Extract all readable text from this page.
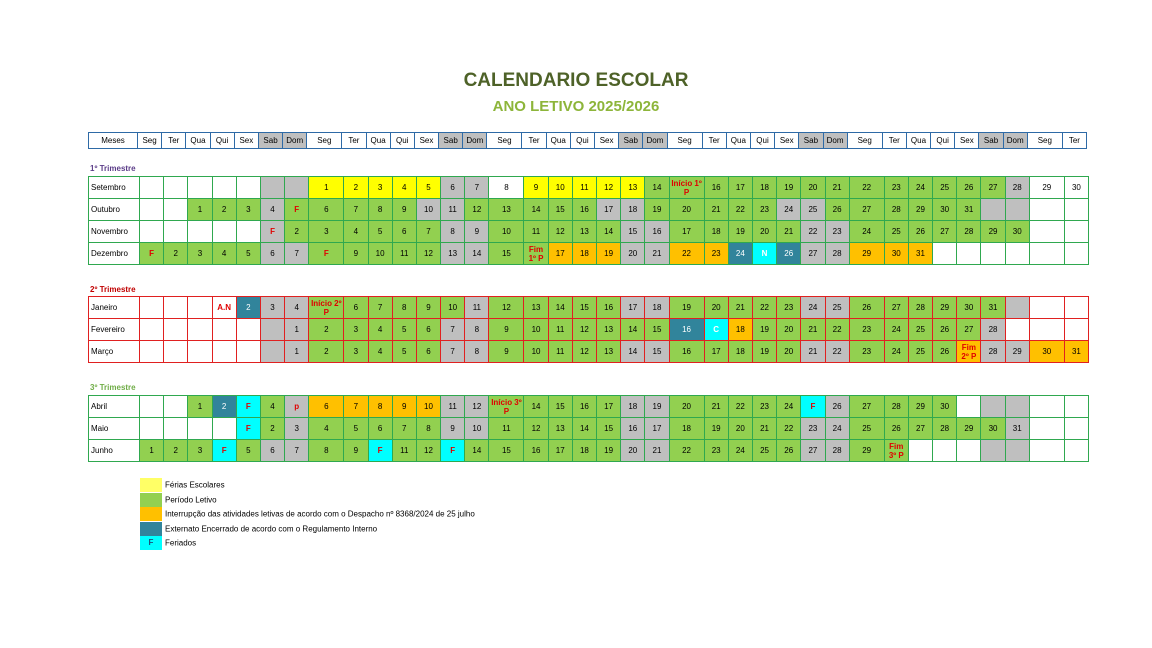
CALENDARIO ESCOLAR
ANO LETIVO 2025/2026
Meses	Seg	Ter	Qua	Qui	Sex	Sab	Dom	Seg	Ter	Qua	Qui	Sex	Sab	Dom	Seg	Ter	Qua	Qui	Sex	Sab	Dom	Seg	Ter	Qua	Qui	Sex	Sab	Dom	Seg	Ter	Qua	Qui	Sex	Sab	Dom	Seg	Ter
1º Trimestre
Setembro								1	2	3	4	5	6	7	8	9	10	11	12	13	14	Início 1º P	16	17	18	19	20	21	22	23	24	25	26	27	28	29	30
Outubro			1	2	3	4	F	6	7	8	9	10	11	12	13	14	15	16	17	18	19	20	21	22	23	24	25	26	27	28	29	30	31				
Novembro						F	2	3	4	5	6	7	8	9	10	11	12	13	14	15	16	17	18	19	20	21	22	23	24	25	26	27	28	29	30		
Dezembro	F	2	3	4	5	6	7	F	9	10	11	12	13	14	15	Fim 1º P	17	18	19	20	21	22	23	24	N	26	27	28	29	30	31						
2º Trimestre
Janeiro				A.N	2	3	4	Início 2º P	6	7	8	9	10	11	12	13	14	15	16	17	18	19	20	21	22	23	24	25	26	27	28	29	30	31			
Fevereiro							1	2	3	4	5	6	7	8	9	10	11	12	13	14	15	16	C	18	19	20	21	22	23	24	25	26	27	28			
Março							1	2	3	4	5	6	7	8	9	10	11	12	13	14	15	16	17	18	19	20	21	22	23	24	25	26	Fim 2º P	28	29	30	31
3º Trimestre
Abril			1	2	F	4	p	6	7	8	9	10	11	12	Início 3º P	14	15	16	17	18	19	20	21	22	23	24	F	26	27	28	29	30					
Maio					F	2	3	4	5	6	7	8	9	10	11	12	13	14	15	16	17	18	19	20	21	22	23	24	25	26	27	28	29	30	31		
Junho	1	2	3	F	5	6	7	8	9	F	11	12	F	14	15	16	17	18	19	20	21	22	23	24	25	26	27	28	29	Fim 3º P							
Férias Escolares
Período Letivo
Interrupção das atividades letivas de acordo com o Despacho nº 8368/2024 de 25 julho
Externato Encerrado de acordo com o Regulamento Interno
F Feriados
